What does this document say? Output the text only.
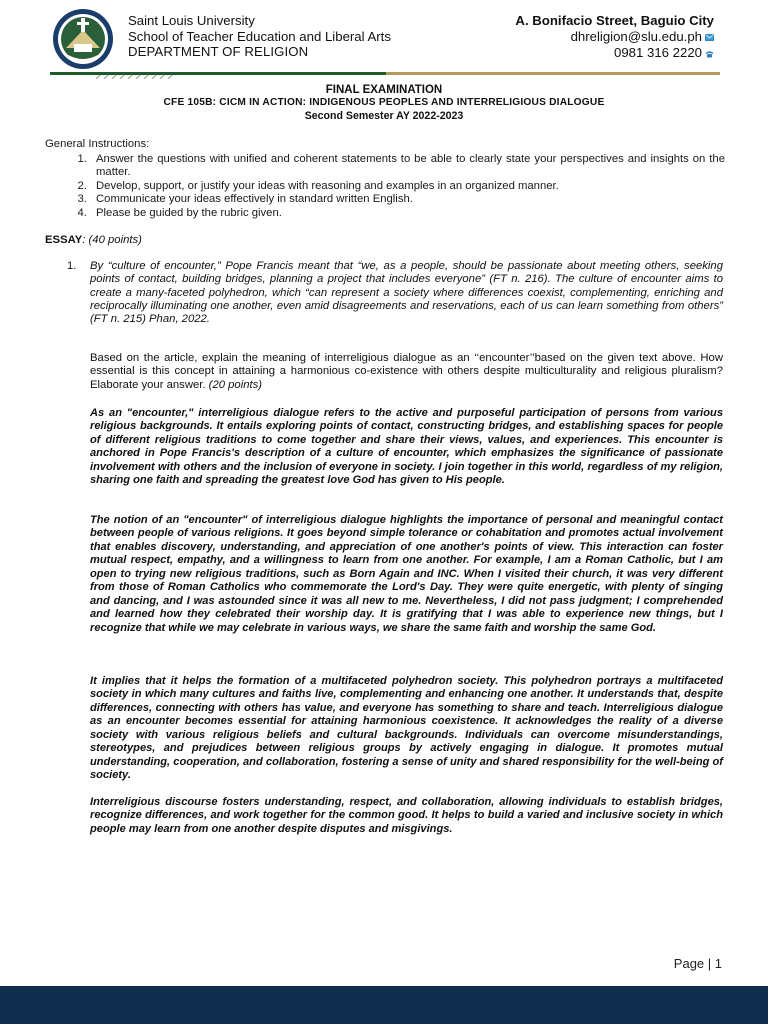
Saint Louis University
School of Teacher Education and Liberal Arts
DEPARTMENT OF RELIGION
A. Bonifacio Street, Baguio City
dhreligion@slu.edu.ph
0981 316 2220
FINAL EXAMINATION
CFE 105B: CICM IN ACTION: INDIGENOUS PEOPLES AND INTERRELIGIOUS DIALOGUE
Second Semester AY 2022-2023
General Instructions:
1. Answer the questions with unified and coherent statements to be able to clearly state your perspectives and insights on the matter.
2. Develop, support, or justify your ideas with reasoning and examples in an organized manner.
3. Communicate your ideas effectively in standard written English.
4. Please be guided by the rubric given.
ESSAY: (40 points)
1. By “culture of encounter,” Pope Francis meant that “we, as a people, should be passionate about meeting others, seeking points of contact, building bridges, planning a project that includes everyone” (FT n. 216). The culture of encounter aims to create a many-faceted polyhedron, which “can represent a society where differences coexist, complementing, enriching and reciprocally illuminating one another, even amid disagreements and reservations, each of us can learn something from others” (FT n. 215) Phan, 2022.
Based on the article, explain the meaning of interreligious dialogue as an ‘‘encounter’’based on the given text above. How essential is this concept in attaining a harmonious co-existence with others despite multiculturality and religious pluralism? Elaborate your answer. (20 points)
As an "encounter," interreligious dialogue refers to the active and purposeful participation of persons from various religious backgrounds. It entails exploring points of contact, constructing bridges, and establishing spaces for people of different religious traditions to come together and share their views, values, and experiences. This encounter is anchored in Pope Francis's description of a culture of encounter, which emphasizes the significance of passionate involvement with others and the inclusion of everyone in society. I join together in this world, regardless of my religion, sharing one faith and spreading the greatest love God has given to His people.
The notion of an "encounter" of interreligious dialogue highlights the importance of personal and meaningful contact between people of various religions. It goes beyond simple tolerance or cohabitation and promotes actual involvement that enables discovery, understanding, and appreciation of one another's points of view. This interaction can foster mutual respect, empathy, and a willingness to learn from one another. For example, I am a Roman Catholic, but I am open to trying new religious traditions, such as Born Again and INC. When I visited their church, it was very different from those of Roman Catholics who commemorate the Lord's Day. They were quite energetic, with plenty of singing and dancing, and I was astounded since it was all new to me. Nevertheless, I did not pass judgment; I comprehended and learned how they celebrated their worship day. It is gratifying that I was able to experience new things, but I recognize that while we may celebrate in various ways, we share the same faith and worship the same God.
It implies that it helps the formation of a multifaceted polyhedron society. This polyhedron portrays a multifaceted society in which many cultures and faiths live, complementing and enhancing one another. It understands that, despite differences, connecting with others has value, and everyone has something to share and teach. Interreligious dialogue as an encounter becomes essential for attaining harmonious coexistence. It acknowledges the reality of a diverse society with various religious beliefs and cultural backgrounds. Individuals can overcome misunderstandings, stereotypes, and prejudices between religious groups by actively engaging in dialogue. It promotes mutual understanding, cooperation, and collaboration, fostering a sense of unity and shared responsibility for the well-being of society.
Interreligious discourse fosters understanding, respect, and collaboration, allowing individuals to establish bridges, recognize differences, and work together for the common good. It helps to build a varied and inclusive society in which people may learn from one another despite disputes and misgivings.
Page | 1
